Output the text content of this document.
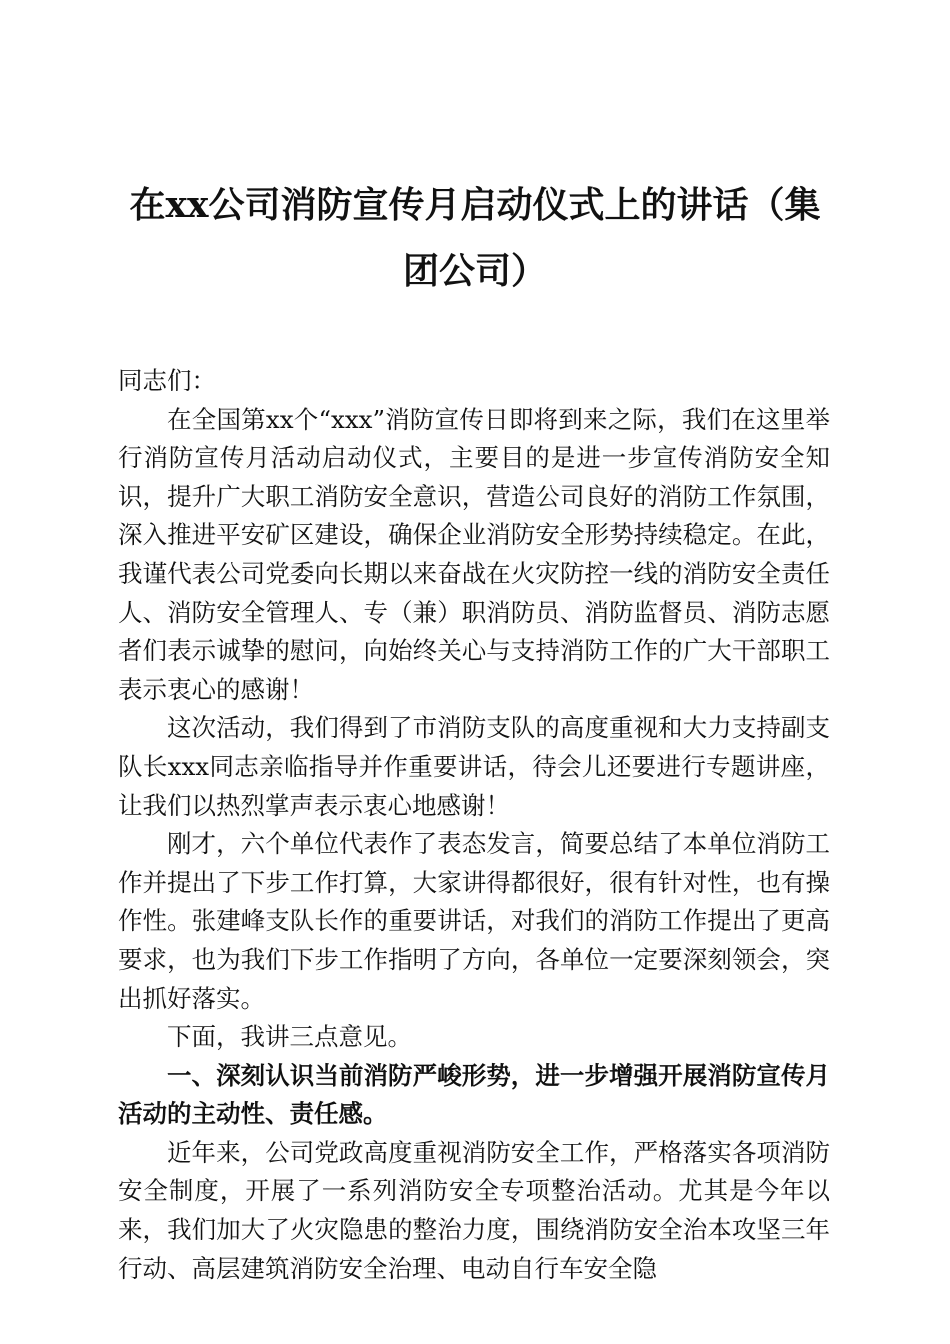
在xx公司消防宣传月启动仪式上的讲话（集团公司）

同志们：

在全国第xx个“xxx”消防宣传日即将到来之际，我们在这里举行消防宣传月活动启动仪式，主要目的是进一步宣传消防安全知识，提升广大职工消防安全意识，营造公司良好的消防工作氛围，深入推进平安矿区建设，确保企业消防安全形势持续稳定。在此，我谨代表公司党委向长期以来奋战在火灾防控一线的消防安全责任人、消防安全管理人、专（兼）职消防员、消防监督员、消防志愿者们表示诚挚的慰问，向始终关心与支持消防工作的广大干部职工表示衷心的感谢！

这次活动，我们得到了市消防支队的高度重视和大力支持副支队长xxx同志亲临指导并作重要讲话，待会儿还要进行专题讲座，让我们以热烈掌声表示衷心地感谢！

刚才，六个单位代表作了表态发言，简要总结了本单位消防工作并提出了下步工作打算，大家讲得都很好，很有针对性，也有操作性。张建峰支队长作的重要讲话，对我们的消防工作提出了更高要求，也为我们下步工作指明了方向，各单位一定要深刻领会，突出抓好落实。

下面，我讲三点意见。

一、深刻认识当前消防严峻形势，进一步增强开展消防宣传月活动的主动性、责任感。

近年来，公司党政高度重视消防安全工作，严格落实各项消防安全制度，开展了一系列消防安全专项整治活动。尤其是今年以来，我们加大了火灾隐患的整治力度，围绕消防安全治本攻坚三年行动、高层建筑消防安全治理、电动自行车安全隐
